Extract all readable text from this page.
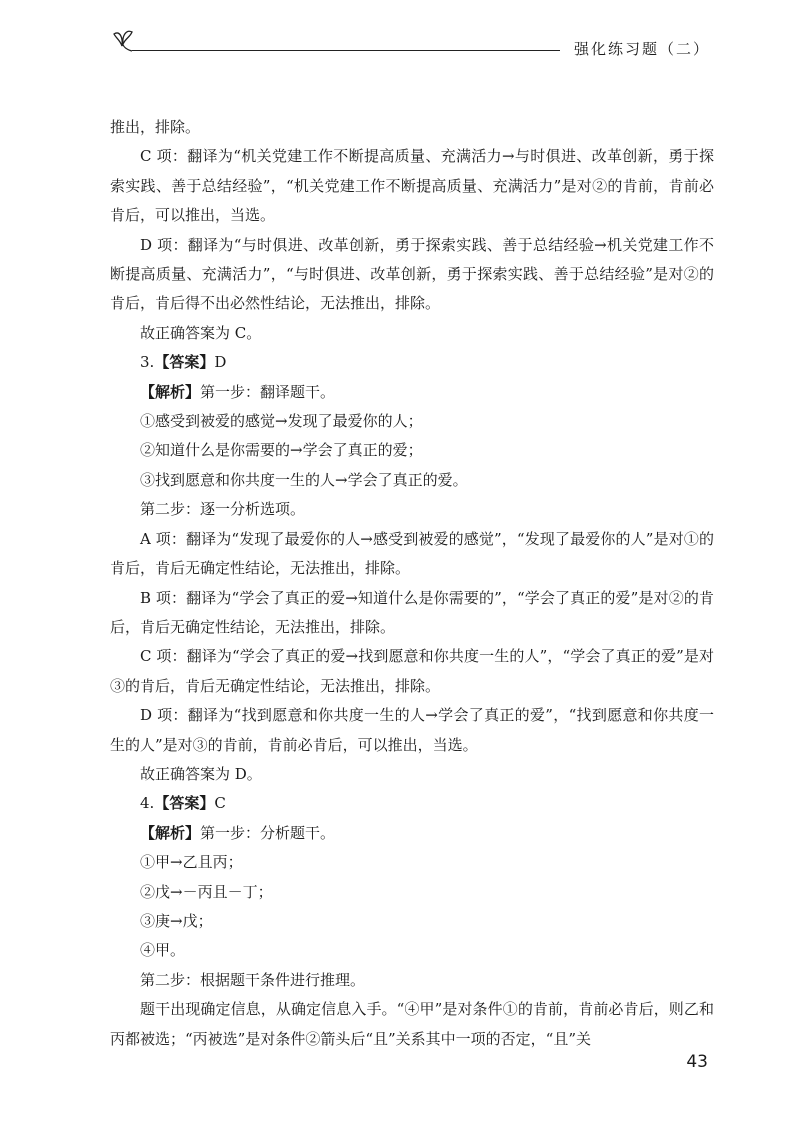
强化练习题（二）

推出，排除。

C 项：翻译为“机关党建工作不断提高质量、充满活力→与时俱进、改革创新，勇于探索实践、善于总结经验”，“机关党建工作不断提高质量、充满活力”是对②的肯前，肯前必肯后，可以推出，当选。

D 项：翻译为“与时俱进、改革创新，勇于探索实践、善于总结经验→机关党建工作不断提高质量、充满活力”，“与时俱进、改革创新，勇于探索实践、善于总结经验”是对②的肯后，肯后得不出必然性结论，无法推出，排除。

故正确答案为 C。

3.【答案】D

【解析】第一步：翻译题干。

①感受到被爱的感觉→发现了最爱你的人；

②知道什么是你需要的→学会了真正的爱；

③找到愿意和你共度一生的人→学会了真正的爱。

第二步：逐一分析选项。

A 项：翻译为“发现了最爱你的人→感受到被爱的感觉”，“发现了最爱你的人”是对①的肯后，肯后无确定性结论，无法推出，排除。

B 项：翻译为“学会了真正的爱→知道什么是你需要的”，“学会了真正的爱”是对②的肯后，肯后无确定性结论，无法推出，排除。

C 项：翻译为“学会了真正的爱→找到愿意和你共度一生的人”，“学会了真正的爱”是对③的肯后，肯后无确定性结论，无法推出，排除。

D 项：翻译为“找到愿意和你共度一生的人→学会了真正的爱”，“找到愿意和你共度一生的人”是对③的肯前，肯前必肯后，可以推出，当选。

故正确答案为 D。

4.【答案】C

【解析】第一步：分析题干。

①甲→乙且丙；

②戊→－丙且－丁；

③庚→戊；

④甲。

第二步：根据题干条件进行推理。

题干出现确定信息，从确定信息入手。“④甲”是对条件①的肯前，肯前必肯后，则乙和丙都被选；“丙被选”是对条件②箭头后“且”关系其中一项的否定，“且”关

43
